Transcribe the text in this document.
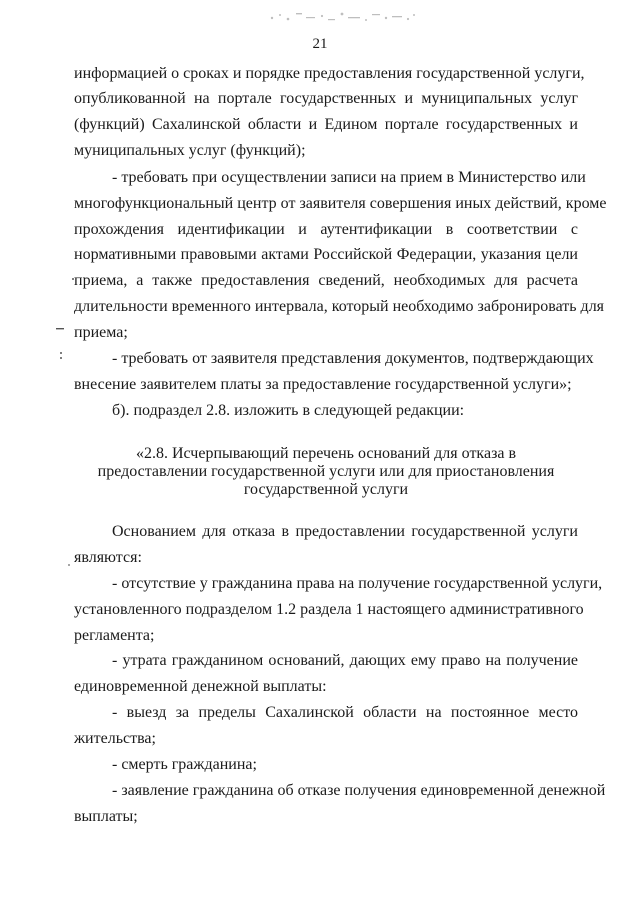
21
информацией о сроках и порядке предоставления государственной услуги,
опубликованной на портале государственных и муниципальных услуг
(функций) Сахалинской области и Едином портале государственных и
муниципальных услуг (функций);
- требовать при осуществлении записи на прием в Министерство или
многофункциональный центр от заявителя совершения иных действий, кроме
прохождения идентификации и аутентификации в соответствии с
нормативными правовыми актами Российской Федерации, указания цели
приема, а также предоставления сведений, необходимых для расчета
длительности временного интервала, который необходимо забронировать для
приема;
- требовать от заявителя представления документов, подтверждающих
внесение заявителем платы за предоставление государственной услуги»;
б). подраздел 2.8. изложить в следующей редакции:
«2.8. Исчерпывающий перечень оснований для отказа в
предоставлении государственной услуги или для приостановления
государственной услуги
Основанием для отказа в предоставлении государственной услуги
являются:
- отсутствие у гражданина права на получение государственной услуги,
установленного подразделом 1.2 раздела 1 настоящего административного
регламента;
- утрата гражданином оснований, дающих ему право на получение
единовременной денежной выплаты:
- выезд за пределы Сахалинской области на постоянное место
жительства;
- смерть гражданина;
- заявление гражданина об отказе получения единовременной денежной
выплаты;
